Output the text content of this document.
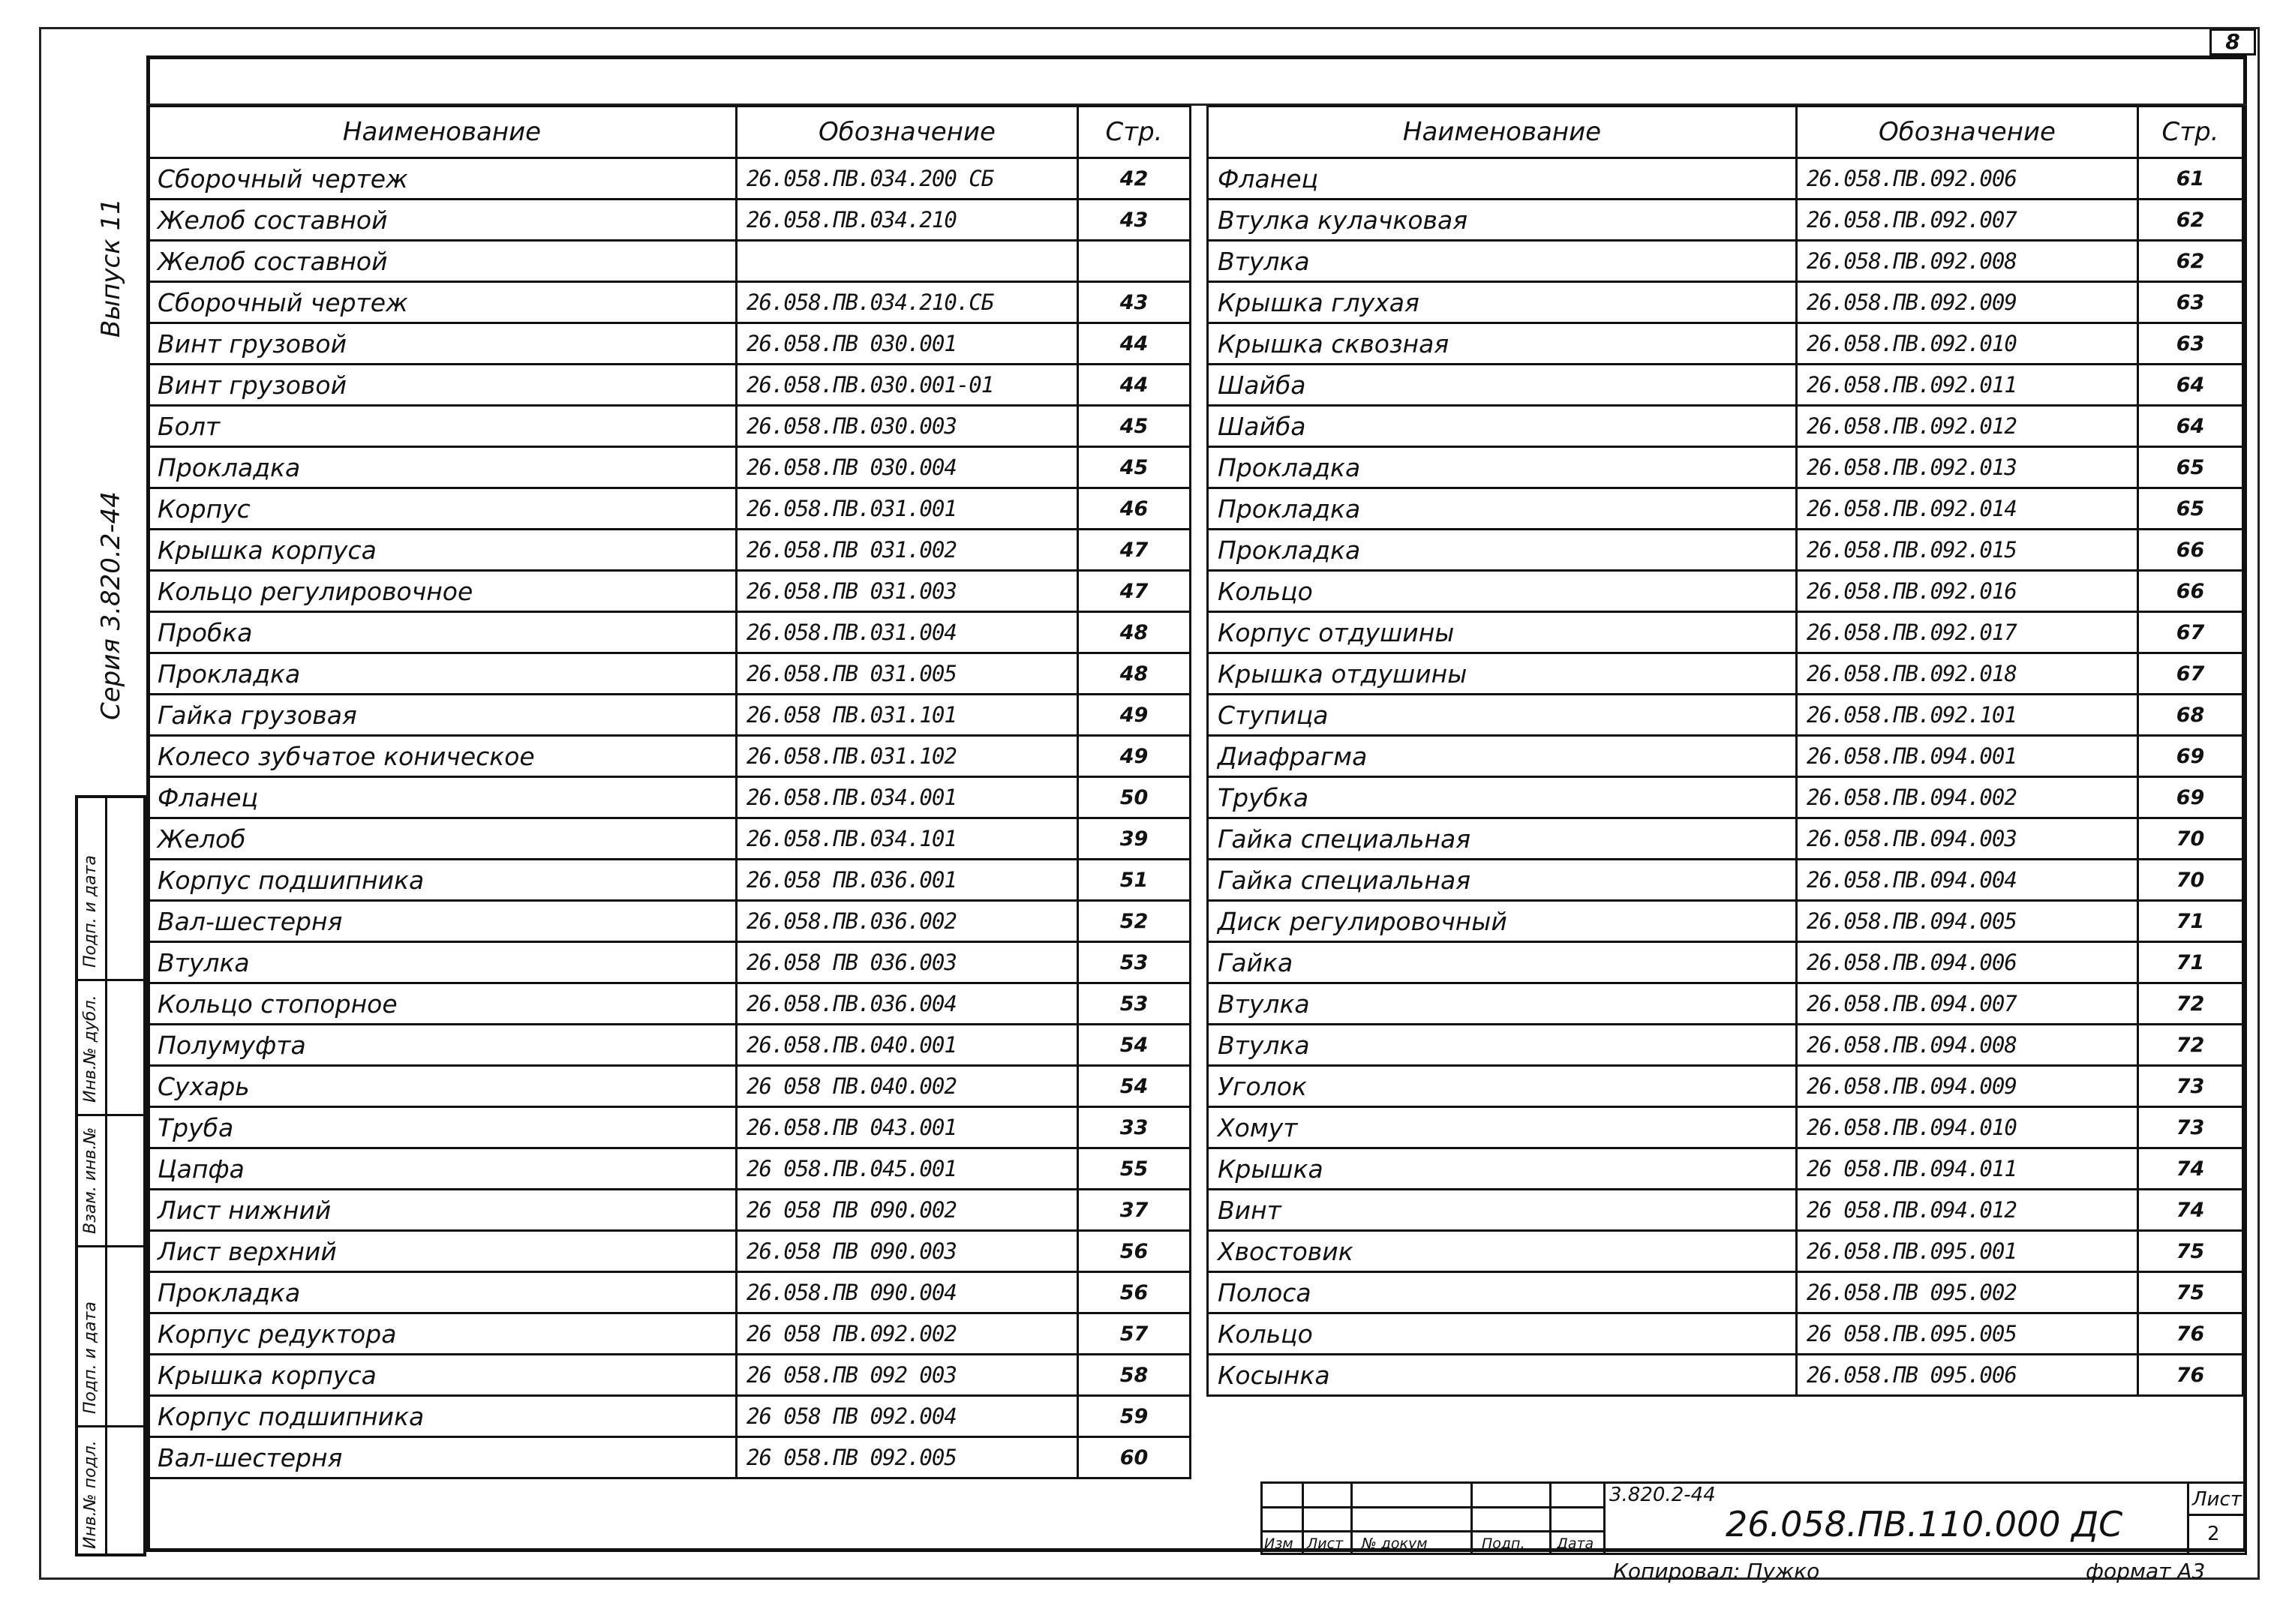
8
Выпуск 11
Серия 3.820.2-44
Подп. и дата
Инв.№ дубл.
Взам. инв.№
Подп. и дата
Инв.№ подл.
Наименование	Обозначение	Стр.
Сборочный чертеж	26.058.ПВ.034.200 СБ	42
Желоб составной	26.058.ПВ.034.210	43
Желоб составной		
Сборочный чертеж	26.058.ПВ.034.210.СБ	43
Винт грузовой	26.058.ПВ 030.001	44
Винт грузовой	26.058.ПВ.030.001-01	44
Болт	26.058.ПВ.030.003	45
Прокладка	26.058.ПВ 030.004	45
Корпус	26.058.ПВ.031.001	46
Крышка корпуса	26.058.ПВ 031.002	47
Кольцо регулировочное	26.058.ПВ 031.003	47
Пробка	26.058.ПВ.031.004	48
Прокладка	26.058.ПВ 031.005	48
Гайка грузовая	26.058 ПВ.031.101	49
Колесо зубчатое коническое	26.058.ПВ.031.102	49
Фланец	26.058.ПВ.034.001	50
Желоб	26.058.ПВ.034.101	39
Корпус подшипника	26.058 ПВ.036.001	51
Вал-шестерня	26.058.ПВ.036.002	52
Втулка	26.058 ПВ 036.003	53
Кольцо стопорное	26.058.ПВ.036.004	53
Полумуфта	26.058.ПВ.040.001	54
Сухарь	26 058 ПВ.040.002	54
Труба	26.058.ПВ 043.001	33
Цапфа	26 058.ПВ.045.001	55
Лист нижний	26 058 ПВ 090.002	37
Лист верхний	26.058 ПВ 090.003	56
Прокладка	26.058.ПВ 090.004	56
Корпус редуктора	26 058 ПВ.092.002	57
Крышка корпуса	26 058.ПВ 092 003	58
Корпус подшипника	26 058 ПВ 092.004	59
Вал-шестерня	26 058.ПВ 092.005	60
Наименование	Обозначение	Стр.
Фланец	26.058.ПВ.092.006	61
Втулка кулачковая	26.058.ПВ.092.007	62
Втулка	26.058.ПВ.092.008	62
Крышка глухая	26.058.ПВ.092.009	63
Крышка сквозная	26.058.ПВ.092.010	63
Шайба	26.058.ПВ.092.011	64
Шайба	26.058.ПВ.092.012	64
Прокладка	26.058.ПВ.092.013	65
Прокладка	26.058.ПВ.092.014	65
Прокладка	26.058.ПВ.092.015	66
Кольцо	26.058.ПВ.092.016	66
Корпус отдушины	26.058.ПВ.092.017	67
Крышка отдушины	26.058.ПВ.092.018	67
Ступица	26.058.ПВ.092.101	68
Диафрагма	26.058.ПВ.094.001	69
Трубка	26.058.ПВ.094.002	69
Гайка специальная	26.058.ПВ.094.003	70
Гайка специальная	26.058.ПВ.094.004	70
Диск регулировочный	26.058.ПВ.094.005	71
Гайка	26.058.ПВ.094.006	71
Втулка	26.058.ПВ.094.007	72
Втулка	26.058.ПВ.094.008	72
Уголок	26.058.ПВ.094.009	73
Хомут	26.058.ПВ.094.010	73
Крышка	26 058.ПВ.094.011	74
Винт	26 058.ПВ.094.012	74
Хвостовик	26.058.ПВ.095.001	75
Полоса	26.058.ПВ 095.002	75
Кольцо	26 058.ПВ.095.005	76
Косынка	26.058.ПВ 095.006	76
Изм Лист № докум	Подп. Дата
3.820.2-44
26.058.ПВ.110.000 ДС
Лист
2
Копировал: Пужко	формат А3
